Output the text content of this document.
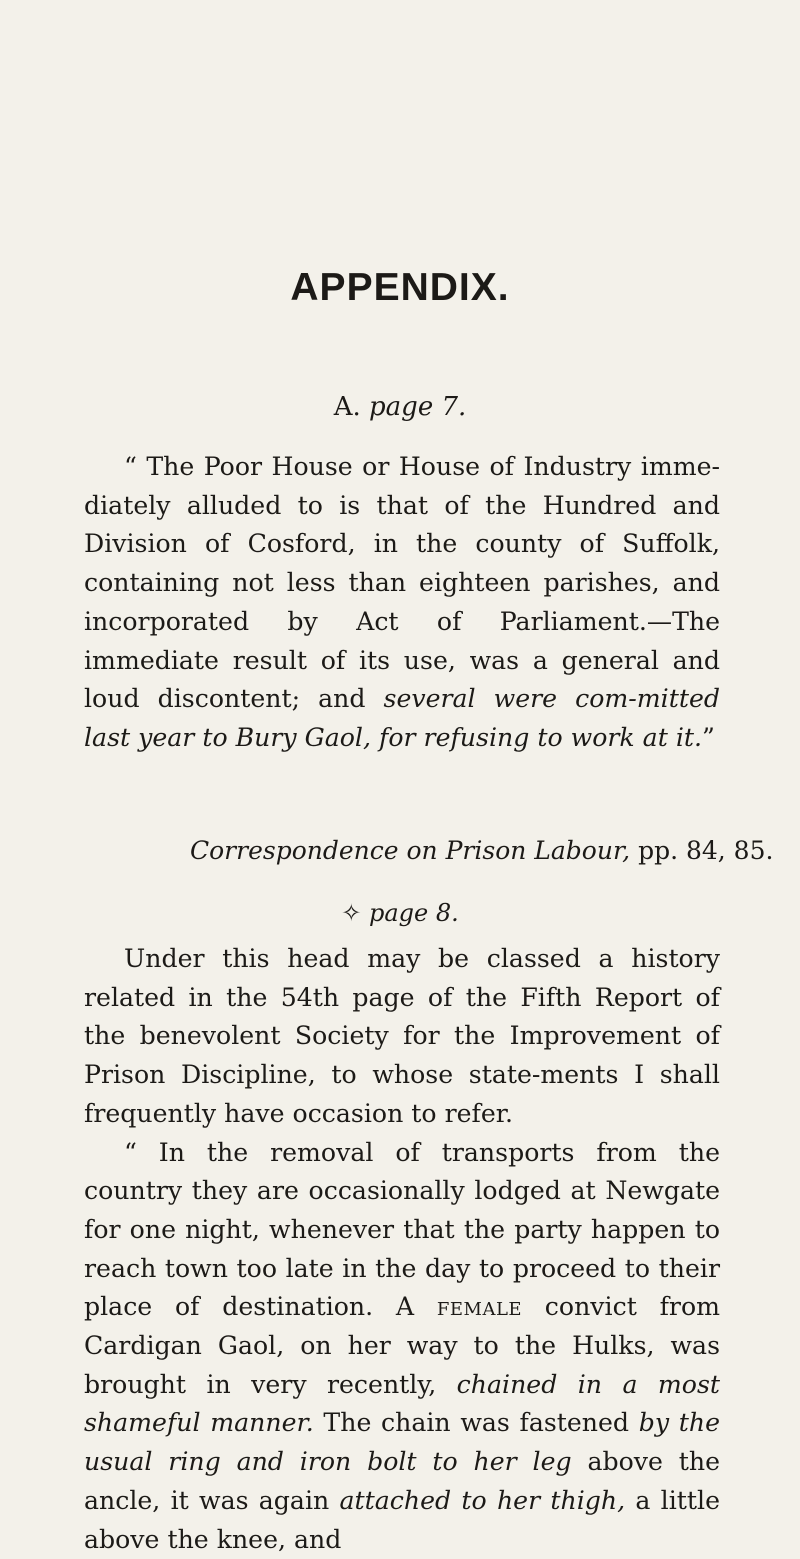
APPENDIX.
A. page 7.

“ The Poor House or House of Industry imme-diately alluded to is that of the Hundred and Division of Cosford, in the county of Suffolk, containing not less than eighteen parishes, and incorporated by Act of Parliament.—The immediate result of its use, was a general and loud discontent; and several were com-mitted last year to Bury Gaol, for refusing to work at it.”

Correspondence on Prison Labour, pp. 84, 85.
✧ page 8.

Under this head may be classed a history related in the 54th page of the Fifth Report of the benevolent Society for the Improvement of Prison Discipline, to whose state-ments I shall frequently have occasion to refer.

“ In the removal of transports from the country they are occasionally lodged at Newgate for one night, whenever that the party happen to reach town too late in the day to proceed to their place of destination. A female convict from Cardigan Gaol, on her way to the Hulks, was brought in very recently, chained in a most shameful manner. The chain was fastened by the usual ring and iron bolt to her leg above the ancle, it was again attached to her thigh, a little above the knee, and
